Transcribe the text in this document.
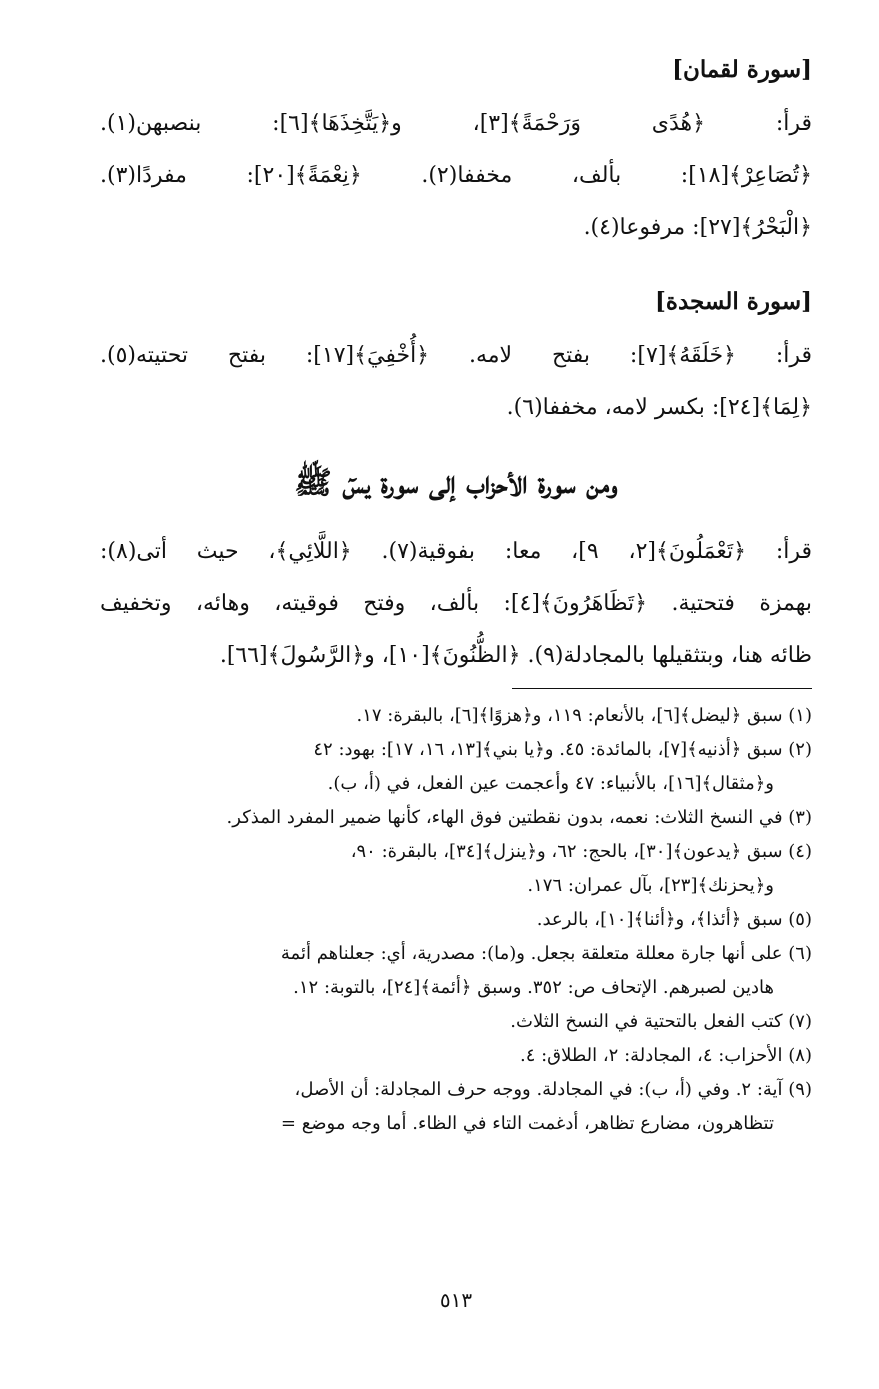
[سورة لقمان]
قرأ: ﴿هُدًى وَرَحْمَةً﴾[٣]، و﴿يَتَّخِذَهَا﴾[٦]: بنصبهن(١).
﴿تُصَاعِرْ﴾[١٨]: بألف، مخففا(٢). ﴿نِعْمَةً﴾[٢٠]: مفردًا(٣).
﴿الْبَحْرُ﴾[٢٧]: مرفوعا(٤).
[سورة السجدة]
قرأ: ﴿خَلَقَهُ﴾[٧]: بفتح لامه. ﴿أُخْفِيَ﴾[١٧]: بفتح تحتيته(٥).
﴿لِمَا﴾[٢٤]: بكسر لامه، مخففا(٦).
ومن سورة الأحزاب إلى سورة يسٓ ﷺ
قرأ: ﴿تَعْمَلُونَ﴾[٢، ٩]، معا: بفوقية(٧). ﴿اللَّائِي﴾، حيث أتى(٨):
بهمزة فتحتية. ﴿تَظَاهَرُونَ﴾[٤]: بألف، وفتح فوقيته، وهائه، وتخفيف
ظائه هنا، وبتثقيلها بالمجادلة(٩). ﴿الظُّنُونَ﴾[١٠]، و﴿الرَّسُولَ﴾[٦٦].
(١) سبق ﴿ليضل﴾[٦]، بالأنعام: ١١٩، و﴿هزوًا﴾[٦]، بالبقرة: ١٧.
(٢) سبق ﴿أذنيه﴾[٧]، بالمائدة: ٤٥. و﴿يا بني﴾[١٣، ١٦، ١٧]: بهود: ٤٢
و﴿مثقال﴾[١٦]، بالأنبياء: ٤٧ وأعجمت عين الفعل، في (أ، ب).
(٣) في النسخ الثلاث: نعمه، بدون نقطتين فوق الهاء، كأنها ضمير المفرد المذكر.
(٤) سبق ﴿يدعون﴾[٣٠]، بالحج: ٦٢، و﴿ينزل﴾[٣٤]، بالبقرة: ٩٠،
و﴿يحزنك﴾[٢٣]، بآل عمران: ١٧٦.
(٥) سبق ﴿أئذا﴾، و﴿أئنا﴾[١٠]، بالرعد.
(٦) على أنها جارة معللة متعلقة بجعل. و(ما): مصدرية، أي: جعلناهم أئمة
هادين لصبرهم. الإتحاف ص: ٣٥٢. وسبق ﴿أئمة﴾[٢٤]، بالتوبة: ١٢.
(٧) كتب الفعل بالتحتية في النسخ الثلاث.
(٨) الأحزاب: ٤، المجادلة: ٢، الطلاق: ٤.
(٩) آية: ٢. وفي (أ، ب): في المجادلة. ووجه حرف المجادلة: أن الأصل،
تتظاهرون، مضارع تظاهر، أدغمت التاء في الظاء. أما وجه موضع =
٥١٣
